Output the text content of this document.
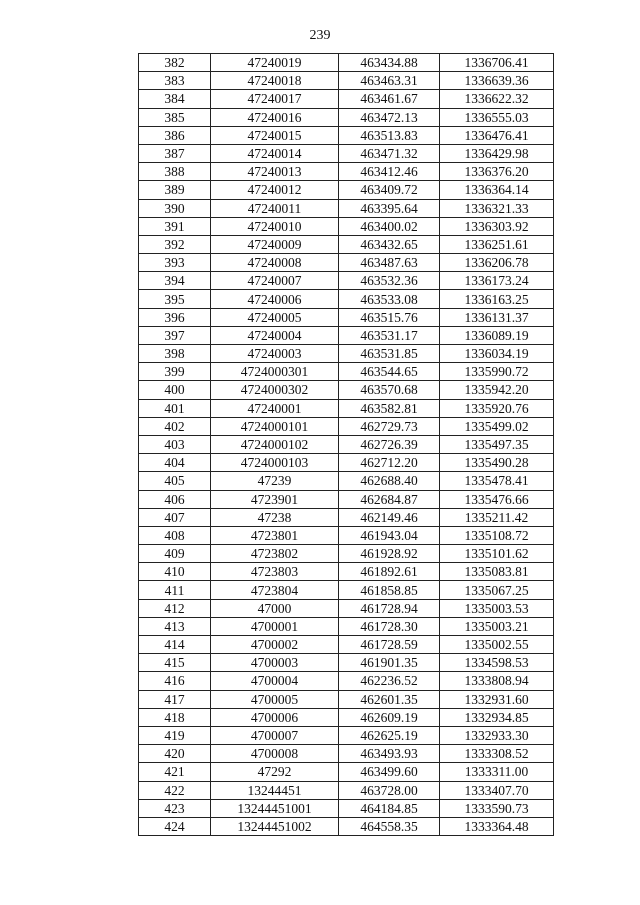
239
382	47240019	463434.88	1336706.41
383	47240018	463463.31	1336639.36
384	47240017	463461.67	1336622.32
385	47240016	463472.13	1336555.03
386	47240015	463513.83	1336476.41
387	47240014	463471.32	1336429.98
388	47240013	463412.46	1336376.20
389	47240012	463409.72	1336364.14
390	47240011	463395.64	1336321.33
391	47240010	463400.02	1336303.92
392	47240009	463432.65	1336251.61
393	47240008	463487.63	1336206.78
394	47240007	463532.36	1336173.24
395	47240006	463533.08	1336163.25
396	47240005	463515.76	1336131.37
397	47240004	463531.17	1336089.19
398	47240003	463531.85	1336034.19
399	4724000301	463544.65	1335990.72
400	4724000302	463570.68	1335942.20
401	47240001	463582.81	1335920.76
402	4724000101	462729.73	1335499.02
403	4724000102	462726.39	1335497.35
404	4724000103	462712.20	1335490.28
405	47239	462688.40	1335478.41
406	4723901	462684.87	1335476.66
407	47238	462149.46	1335211.42
408	4723801	461943.04	1335108.72
409	4723802	461928.92	1335101.62
410	4723803	461892.61	1335083.81
411	4723804	461858.85	1335067.25
412	47000	461728.94	1335003.53
413	4700001	461728.30	1335003.21
414	4700002	461728.59	1335002.55
415	4700003	461901.35	1334598.53
416	4700004	462236.52	1333808.94
417	4700005	462601.35	1332931.60
418	4700006	462609.19	1332934.85
419	4700007	462625.19	1332933.30
420	4700008	463493.93	1333308.52
421	47292	463499.60	1333311.00
422	13244451	463728.00	1333407.70
423	13244451001	464184.85	1333590.73
424	13244451002	464558.35	1333364.48
